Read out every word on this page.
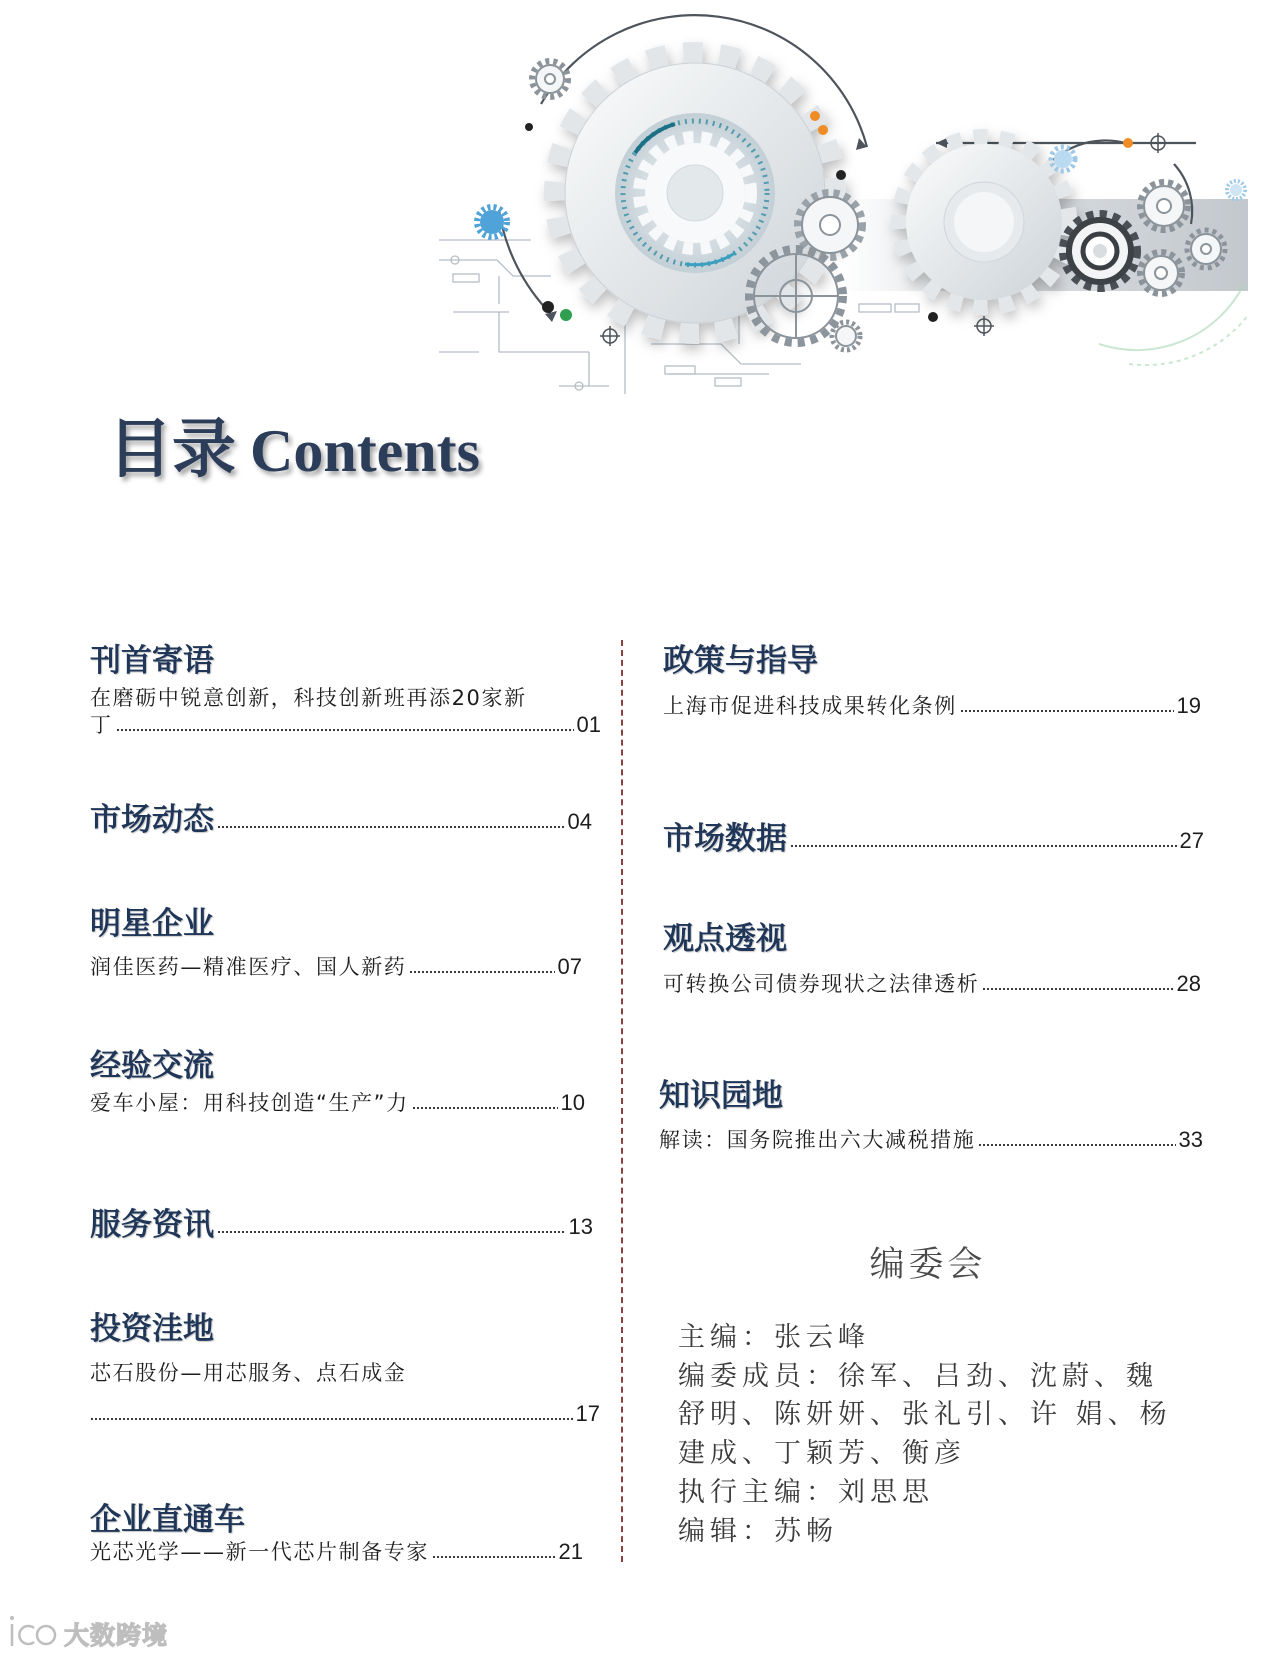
目录 Contents
刊首寄语
在磨砺中锐意创新，科技创新班再添20家新
丁	01
市场动态	04
明星企业
润佳医药—精准医疗、国人新药	07
经验交流
爱车小屋：用科技创造“生产”力	10
服务资讯	13
投资洼地
芯石股份—用芯服务、点石成金
17
企业直通车
光芯光学——新一代芯片制备专家	21
政策与指导
上海市促进科技成果转化条例	19
市场数据	27
观点透视
可转换公司债券现状之法律透析	28
知识园地
解读：国务院推出六大减税措施	33
编委会
主编：张云峰
编委成员：徐军、吕劲、沈蔚、魏
舒明、陈妍妍、张礼引、许 娟、杨
建成、丁颖芳、衡彦
执行主编：刘思思
编辑：苏畅
大数跨境
